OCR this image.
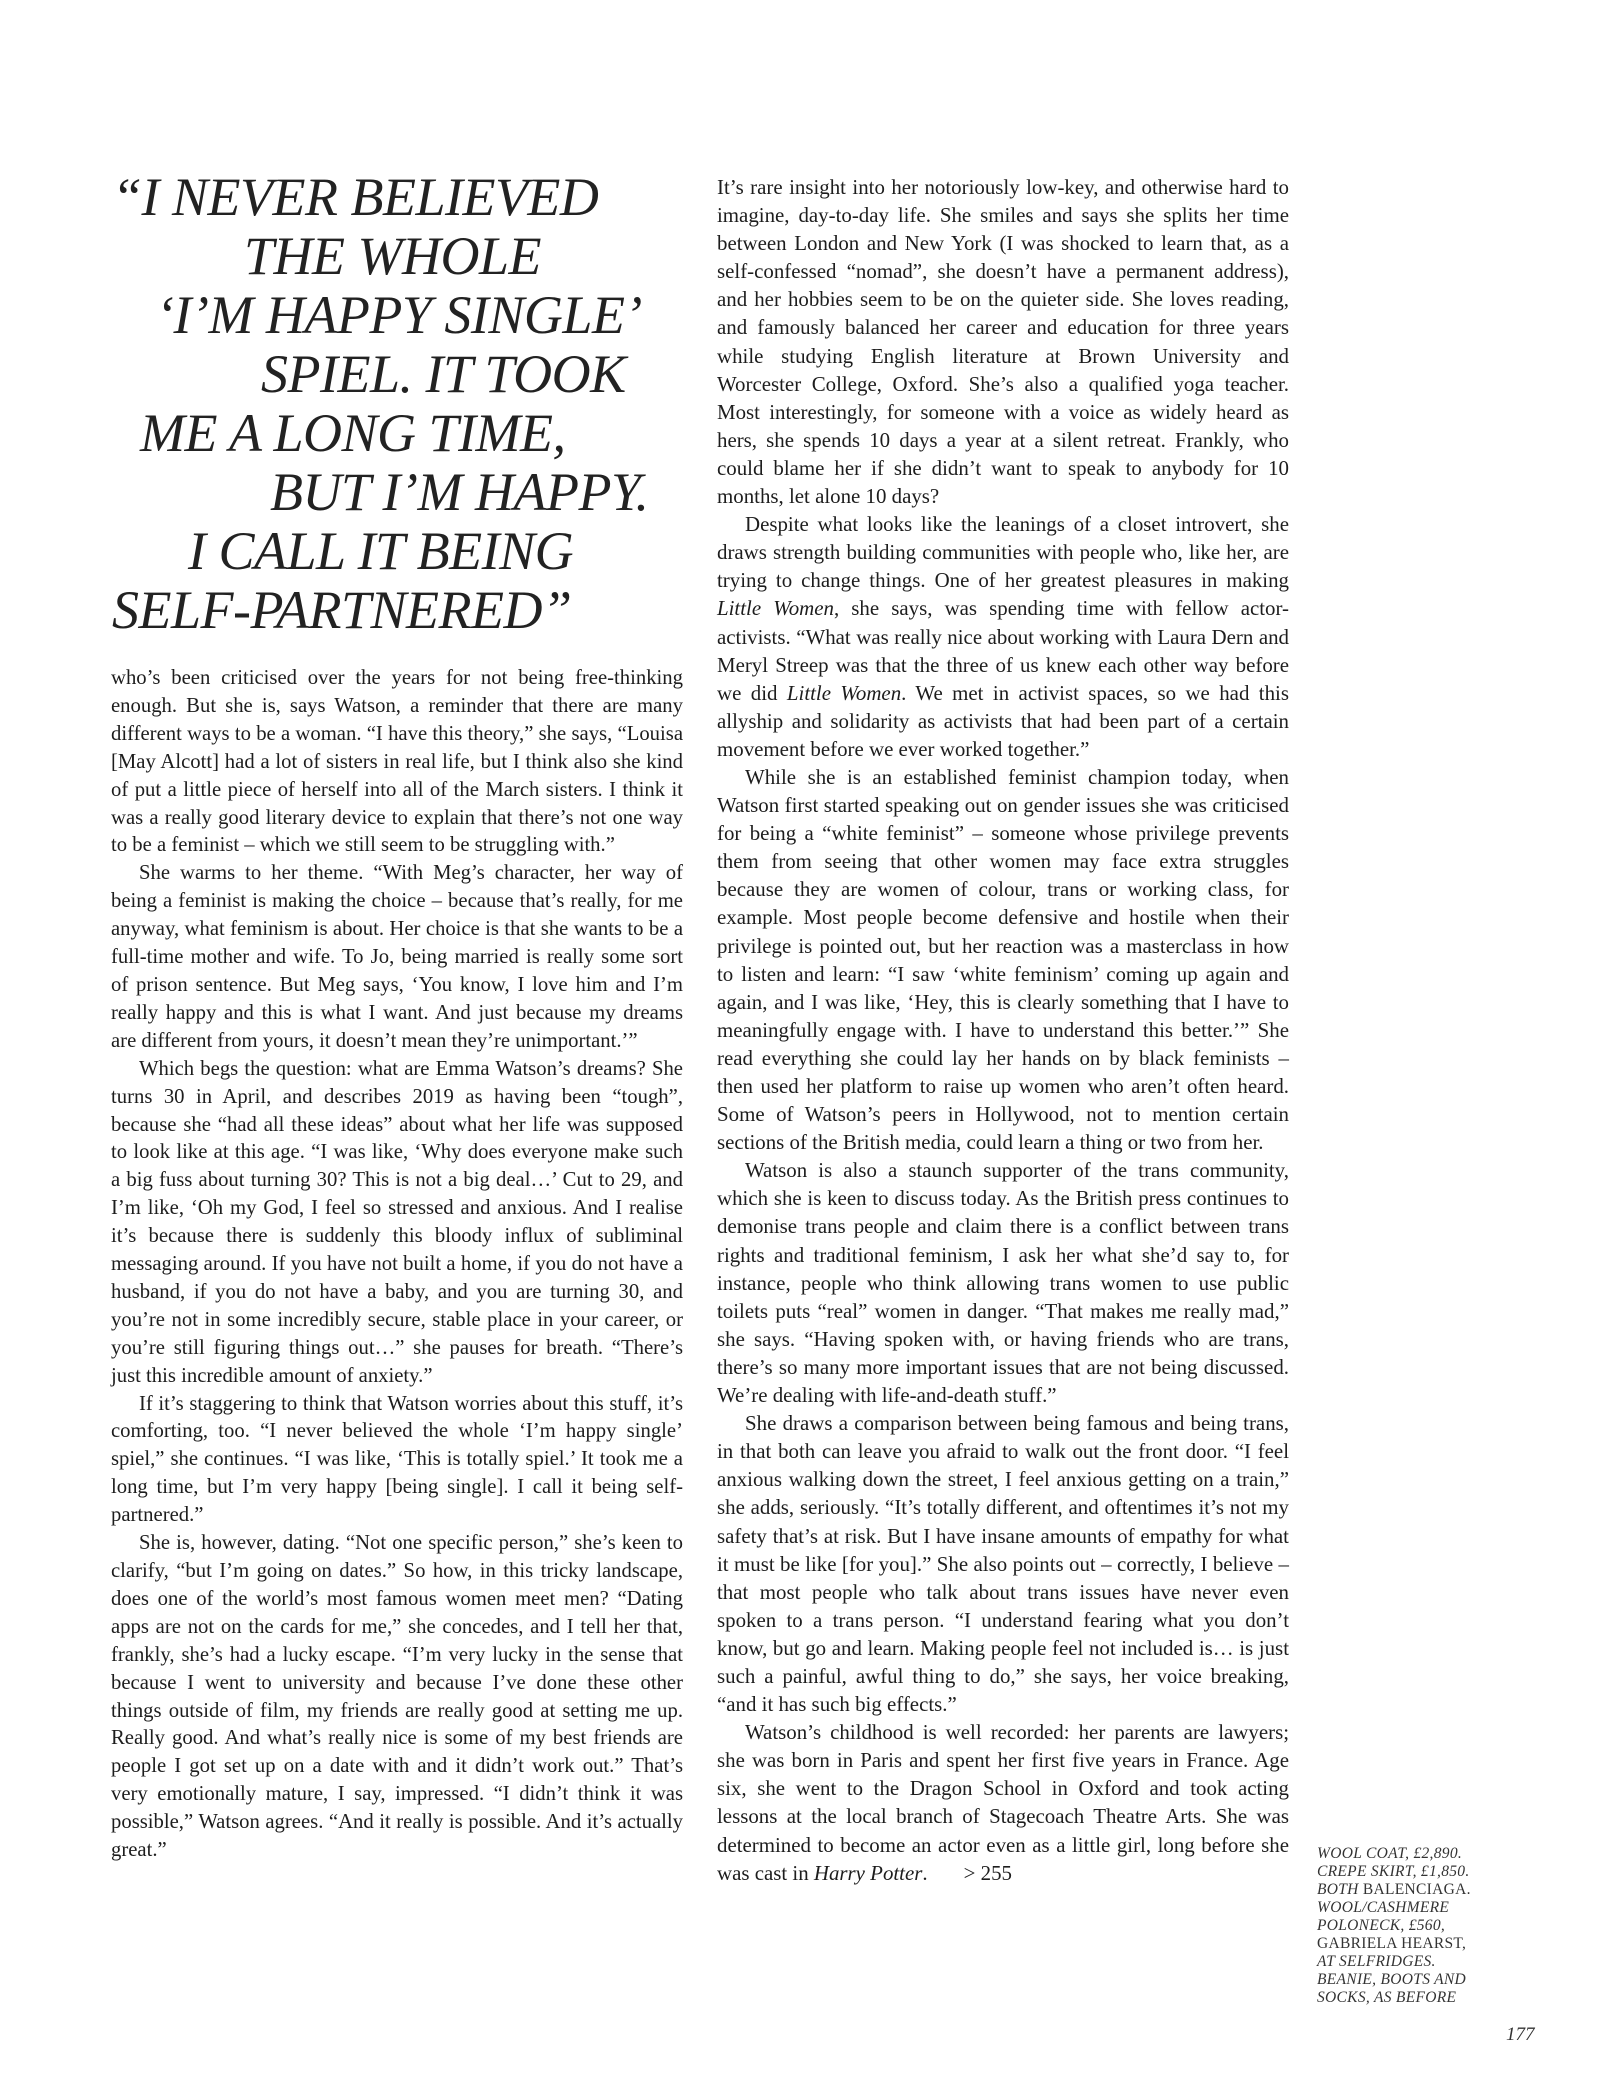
“I NEVER BELIEVED
THE WHOLE
‘I’M HAPPY SINGLE’
SPIEL. IT TOOK
ME A LONG TIME,
BUT I’M HAPPY.
I CALL IT BEING
SELF-PARTNERED”

who’s been criticised over the years for not being free-thinking enough. But she is, says Watson, a reminder that there are many different ways to be a woman. “I have this theory,” she says, “Louisa [May Alcott] had a lot of sisters in real life, but I think also she kind of put a little piece of herself into all of the March sisters. I think it was a really good literary device to explain that there’s not one way to be a feminist – which we still seem to be struggling with.”

She warms to her theme. “With Meg’s character, her way of being a feminist is making the choice – because that’s really, for me anyway, what feminism is about. Her choice is that she wants to be a full-time mother and wife. To Jo, being married is really some sort of prison sentence. But Meg says, ‘You know, I love him and I’m really happy and this is what I want. And just because my dreams are different from yours, it doesn’t mean they’re unimportant.’”

Which begs the question: what are Emma Watson’s dreams? She turns 30 in April, and describes 2019 as having been “tough”, because she “had all these ideas” about what her life was supposed to look like at this age. “I was like, ‘Why does everyone make such a big fuss about turning 30? This is not a big deal…’ Cut to 29, and I’m like, ‘Oh my God, I feel so stressed and anxious. And I realise it’s because there is suddenly this bloody influx of subliminal messaging around. If you have not built a home, if you do not have a husband, if you do not have a baby, and you are turning 30, and you’re not in some incredibly secure, stable place in your career, or you’re still figuring things out…” she pauses for breath. “There’s just this incredible amount of anxiety.”

If it’s staggering to think that Watson worries about this stuff, it’s comforting, too. “I never believed the whole ‘I’m happy single’ spiel,” she continues. “I was like, ‘This is totally spiel.’ It took me a long time, but I’m very happy [being single]. I call it being self-partnered.”

She is, however, dating. “Not one specific person,” she’s keen to clarify, “but I’m going on dates.” So how, in this tricky landscape, does one of the world’s most famous women meet men? “Dating apps are not on the cards for me,” she concedes, and I tell her that, frankly, she’s had a lucky escape. “I’m very lucky in the sense that because I went to university and because I’ve done these other things outside of film, my friends are really good at setting me up. Really good. And what’s really nice is some of my best friends are people I got set up on a date with and it didn’t work out.” That’s very emotionally mature, I say, impressed. “I didn’t think it was possible,” Watson agrees. “And it really is possible. And it’s actually great.”

It’s rare insight into her notoriously low-key, and otherwise hard to imagine, day-to-day life. She smiles and says she splits her time between London and New York (I was shocked to learn that, as a self-confessed “nomad”, she doesn’t have a permanent address), and her hobbies seem to be on the quieter side. She loves reading, and famously balanced her career and education for three years while studying English literature at Brown University and Worcester College, Oxford. She’s also a qualified yoga teacher. Most interestingly, for someone with a voice as widely heard as hers, she spends 10 days a year at a silent retreat. Frankly, who could blame her if she didn’t want to speak to anybody for 10 months, let alone 10 days?

Despite what looks like the leanings of a closet introvert, she draws strength building communities with people who, like her, are trying to change things. One of her greatest pleasures in making Little Women, she says, was spending time with fellow actor-activists. “What was really nice about working with Laura Dern and Meryl Streep was that the three of us knew each other way before we did Little Women. We met in activist spaces, so we had this allyship and solidarity as activists that had been part of a certain movement before we ever worked together.”

While she is an established feminist champion today, when Watson first started speaking out on gender issues she was criticised for being a “white feminist” – someone whose privilege prevents them from seeing that other women may face extra struggles because they are women of colour, trans or working class, for example. Most people become defensive and hostile when their privilege is pointed out, but her reaction was a masterclass in how to listen and learn: “I saw ‘white feminism’ coming up again and again, and I was like, ‘Hey, this is clearly something that I have to meaningfully engage with. I have to understand this better.’” She read everything she could lay her hands on by black feminists – then used her platform to raise up women who aren’t often heard. Some of Watson’s peers in Hollywood, not to mention certain sections of the British media, could learn a thing or two from her.

Watson is also a staunch supporter of the trans community, which she is keen to discuss today. As the British press continues to demonise trans people and claim there is a conflict between trans rights and traditional feminism, I ask her what she’d say to, for instance, people who think allowing trans women to use public toilets puts “real” women in danger. “That makes me really mad,” she says. “Having spoken with, or having friends who are trans, there’s so many more important issues that are not being discussed. We’re dealing with life-and-death stuff.”

She draws a comparison between being famous and being trans, in that both can leave you afraid to walk out the front door. “I feel anxious walking down the street, I feel anxious getting on a train,” she adds, seriously. “It’s totally different, and oftentimes it’s not my safety that’s at risk. But I have insane amounts of empathy for what it must be like [for you].” She also points out – correctly, I believe – that most people who talk about trans issues have never even spoken to a trans person. “I understand fearing what you don’t know, but go and learn. Making people feel not included is… is just such a painful, awful thing to do,” she says, her voice breaking, “and it has such big effects.”

Watson’s childhood is well recorded: her parents are lawyers; she was born in Paris and spent her first five years in France. Age six, she went to the Dragon School in Oxford and took acting lessons at the local branch of Stagecoach Theatre Arts. She was determined to become an actor even as a little girl, long before she was cast in Harry Potter. > 255

WOOL COAT, £2,890.
CREPE SKIRT, £1,850.
BOTH BALENCIAGA.
WOOL/CASHMERE
POLONECK, £560,
GABRIELA HEARST,
AT SELFRIDGES.
BEANIE, BOOTS AND
SOCKS, AS BEFORE
177
